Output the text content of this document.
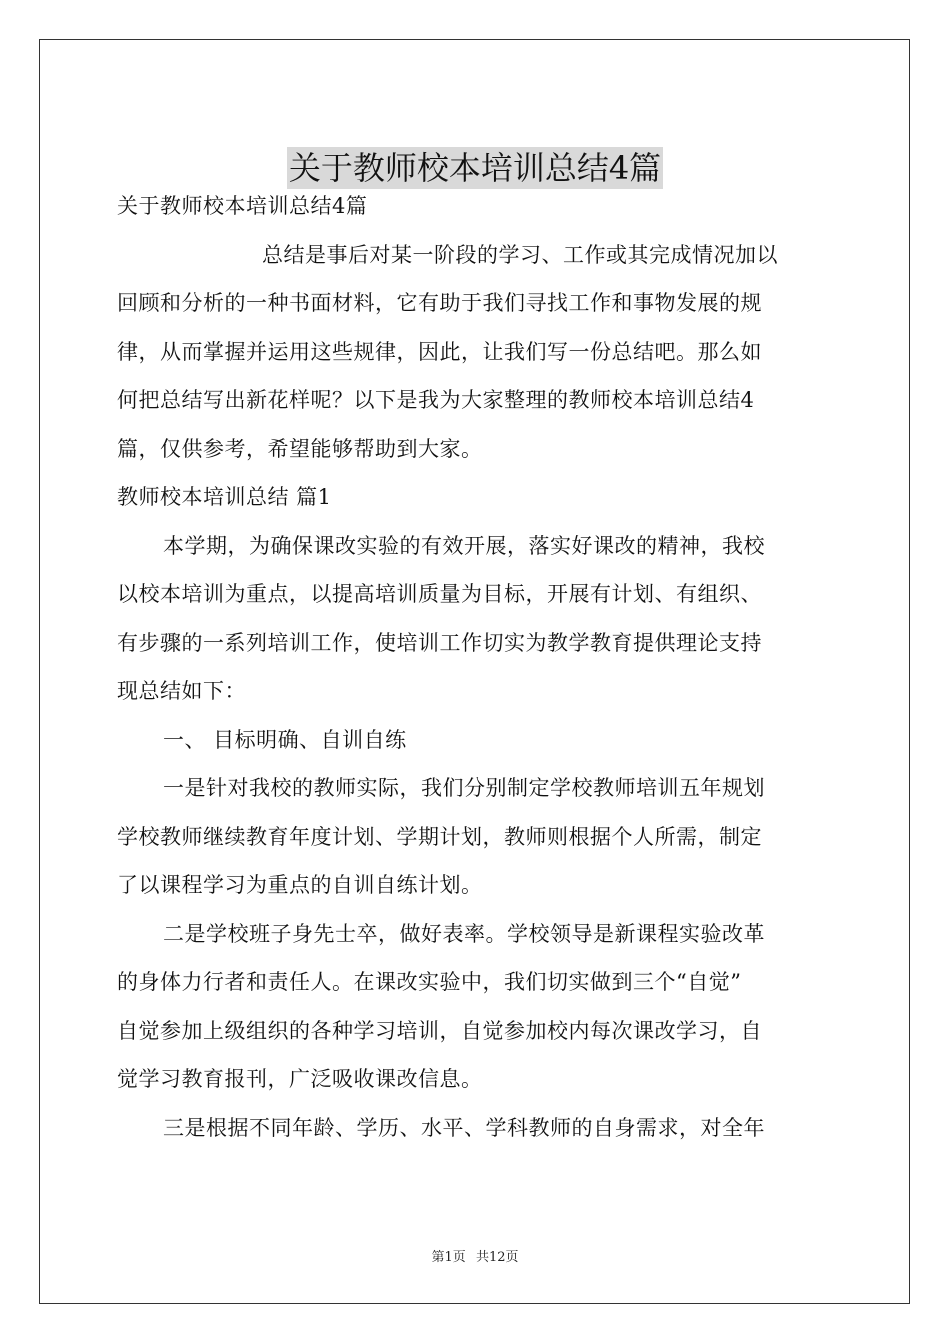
关于教师校本培训总结4篇
关于教师校本培训总结4篇
总结是事后对某一阶段的学习、工作或其完成情况加以
回顾和分析的一种书面材料，它有助于我们寻找工作和事物发展的规
律，从而掌握并运用这些规律，因此，让我们写一份总结吧。那么如
何把总结写出新花样呢？以下是我为大家整理的教师校本培训总结4
篇，仅供参考，希望能够帮助到大家。
教师校本培训总结 篇1
本学期，为确保课改实验的有效开展，落实好课改的精神，我校
以校本培训为重点，以提高培训质量为目标，开展有计划、有组织、
有步骤的一系列培训工作，使培训工作切实为教学教育提供理论支持
现总结如下：
一、 目标明确、自训自练
一是针对我校的教师实际，我们分别制定学校教师培训五年规划
学校教师继续教育年度计划、学期计划，教师则根据个人所需，制定
了以课程学习为重点的自训自练计划。
二是学校班子身先士卒，做好表率。学校领导是新课程实验改革
的身体力行者和责任人。在课改实验中，我们切实做到三个“自觉”
自觉参加上级组织的各种学习培训，自觉参加校内每次课改学习，自
觉学习教育报刊，广泛吸收课改信息。
三是根据不同年龄、学历、水平、学科教师的自身需求，对全年
第1页 共12页
